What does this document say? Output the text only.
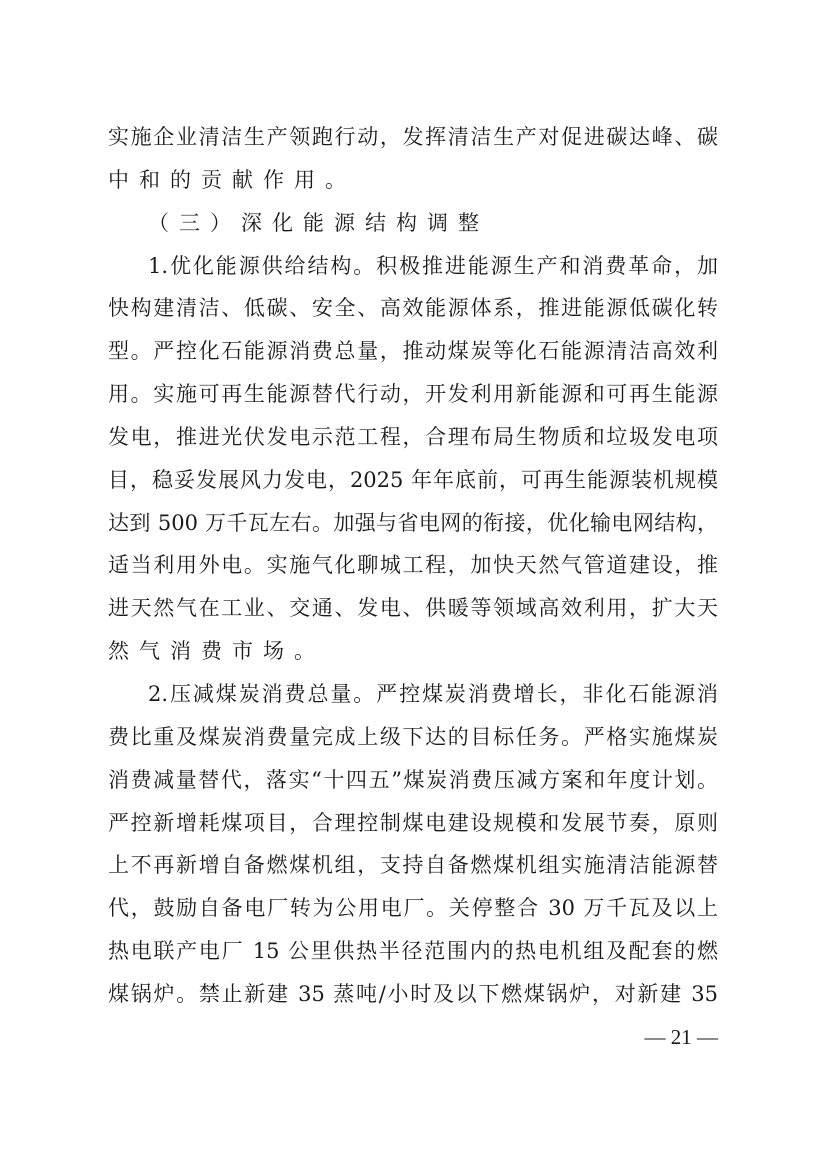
实施企业清洁生产领跑行动，发挥清洁生产对促进碳达峰、碳
中和的贡献作用。
（三）深化能源结构调整
1.优化能源供给结构。积极推进能源生产和消费革命，加
快构建清洁、低碳、安全、高效能源体系，推进能源低碳化转
型。严控化石能源消费总量，推动煤炭等化石能源清洁高效利
用。实施可再生能源替代行动，开发利用新能源和可再生能源
发电，推进光伏发电示范工程，合理布局生物质和垃圾发电项
目，稳妥发展风力发电，2025 年年底前，可再生能源装机规模
达到 500 万千瓦左右。加强与省电网的衔接，优化输电网结构，
适当利用外电。实施气化聊城工程，加快天然气管道建设，推
进天然气在工业、交通、发电、供暖等领域高效利用，扩大天
然气消费市场。
2.压减煤炭消费总量。严控煤炭消费增长，非化石能源消
费比重及煤炭消费量完成上级下达的目标任务。严格实施煤炭
消费减量替代，落实“十四五”煤炭消费压减方案和年度计划。
严控新增耗煤项目，合理控制煤电建设规模和发展节奏，原则
上不再新增自备燃煤机组，支持自备燃煤机组实施清洁能源替
代，鼓励自备电厂转为公用电厂。关停整合 30 万千瓦及以上
热电联产电厂 15 公里供热半径范围内的热电机组及配套的燃
煤锅炉。禁止新建 35 蒸吨/小时及以下燃煤锅炉，对新建 35
— 21 —
